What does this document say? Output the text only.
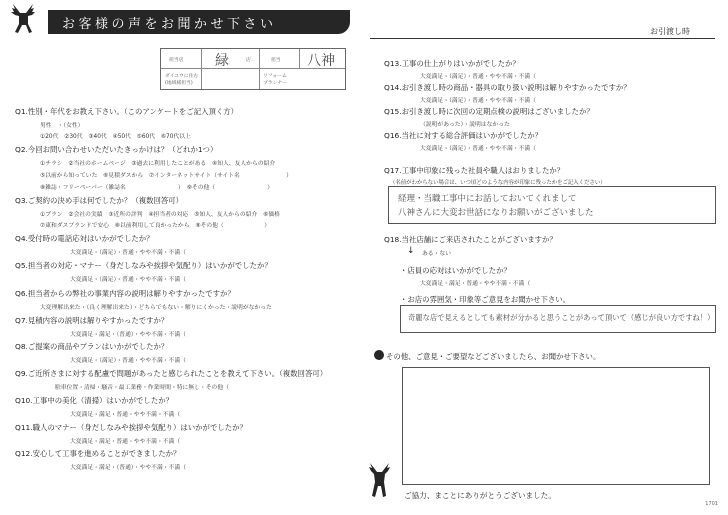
お客様の声をお聞かせ下さい	お引渡し時
担当店 緑	店	担当 八神
ダイユウに住む
(地域様担当)
リフォーム
プランナー
Q1.性別・年代をお教え下さい。（このアンケートをご記入頂く方）
男性　・（女性）
①20代　②30代　③40代　④50代　⑤60代　⑥70代以上
Q2.今回お問い合わせいただいたきっかけは？（どれか1つ）
①チラシ　②当社のホームページ　③過去に利用したことがある　④知人、友人からの紹介
⑤以前から知っていた　⑥見積ダスから　⑦インターネットサイト（サイト名　　　　　　　　）
⑧雑誌・フリーペーパー（雑誌名　　　　　　　　　）　⑨その他（　　　　　　　　　）
Q3.ご契約の決め手は何でしたか？（複数回答可）
①プラン　②会社の実績　③近所の評判　④担当者の対応　⑤知人、友人からの紹介　⑥価格
⑦東和ダスブランドで安心　⑧以前利用して良かったから　⑨その他（　　　　　　　）
Q4.受付時の電話応対はいかがでしたか？
大変満足・（満足）・普通・やや不満・不満（
Q5.担当者の対応・マナー（身だしなみや挨拶や気配り）はいかがでしたか？
大変満足・（満足）・普通・やや不満・不満（
Q6.担当者からの弊社の事業内容の説明は解りやすかったですか？
大変理解出来た・（良く理解出来た）・どちらでもない・解りにくかった・説明がなかった
Q7.見積内容の説明は解りやすかったですか？
大変満足・満足・（普通）・やや不満・不満（
Q8.ご提案の商品やプランはいかがでしたか？
大変満足・（満足）・普通・やや不満・不満（
Q9.ご近所さまに対する配慮で問題があったと感じられたことを教えて下さい。（複数回答可）
駐車位置・清掃・騒音・最工業務・作業時間・特に無し・その他（
Q10.工事中の美化（清掃）はいかがでしたか？
大変満足・満足・普通・やや不満・不満（
Q11.職人のマナー（身だしなみや挨拶や気配り）はいかがでしたか？
大変満足・満足・普通・やや不満・不満（
Q12.安心して工事を進めることができましたか？
大変満足・満足・（普通）・やや不満・不満（
Q13.工事の仕上がりはいかがでしたか？
大変満足・（満足）・普通・やや不満・不満（
Q14.お引き渡し時の商品・器具の取り扱い説明は解りやすかったですか？
大変満足・（満足）・普通・やや不満・不満（
Q15.お引き渡し時に次回の定期点検の説明はございましたか？
（説明があった）・説明はなかった
Q16.当社に対する総合評価はいかがでしたか？
大変満足・（満足）・普通・やや不満・不満（
Q17.工事中印象に残った社員や職人はおりましたか？
（名前がわからない場合は、いつ頃どのような内容が印象に残ったかをご記入ください）
経理・当職工事中にお話しておいてくれまして
八神さんに大変お世話になりお願いがございました
Q18.当社店舗にご来店されたことがございますか？
ある・ない
↓
・店員の応対はいかがでしたか？
大変満足・満足・普通・やや不満・不満（
・お店の雰囲気・印象等ご意見をお聞かせ下さい。
奇麗な店で見えるとしても素材が分かると思うことがあって頂いて（感じが良い方ですね！）
その他、ご意見・ご要望などございましたら、お聞かせ下さい。
ご協力、まことにありがとうございました。
1701
